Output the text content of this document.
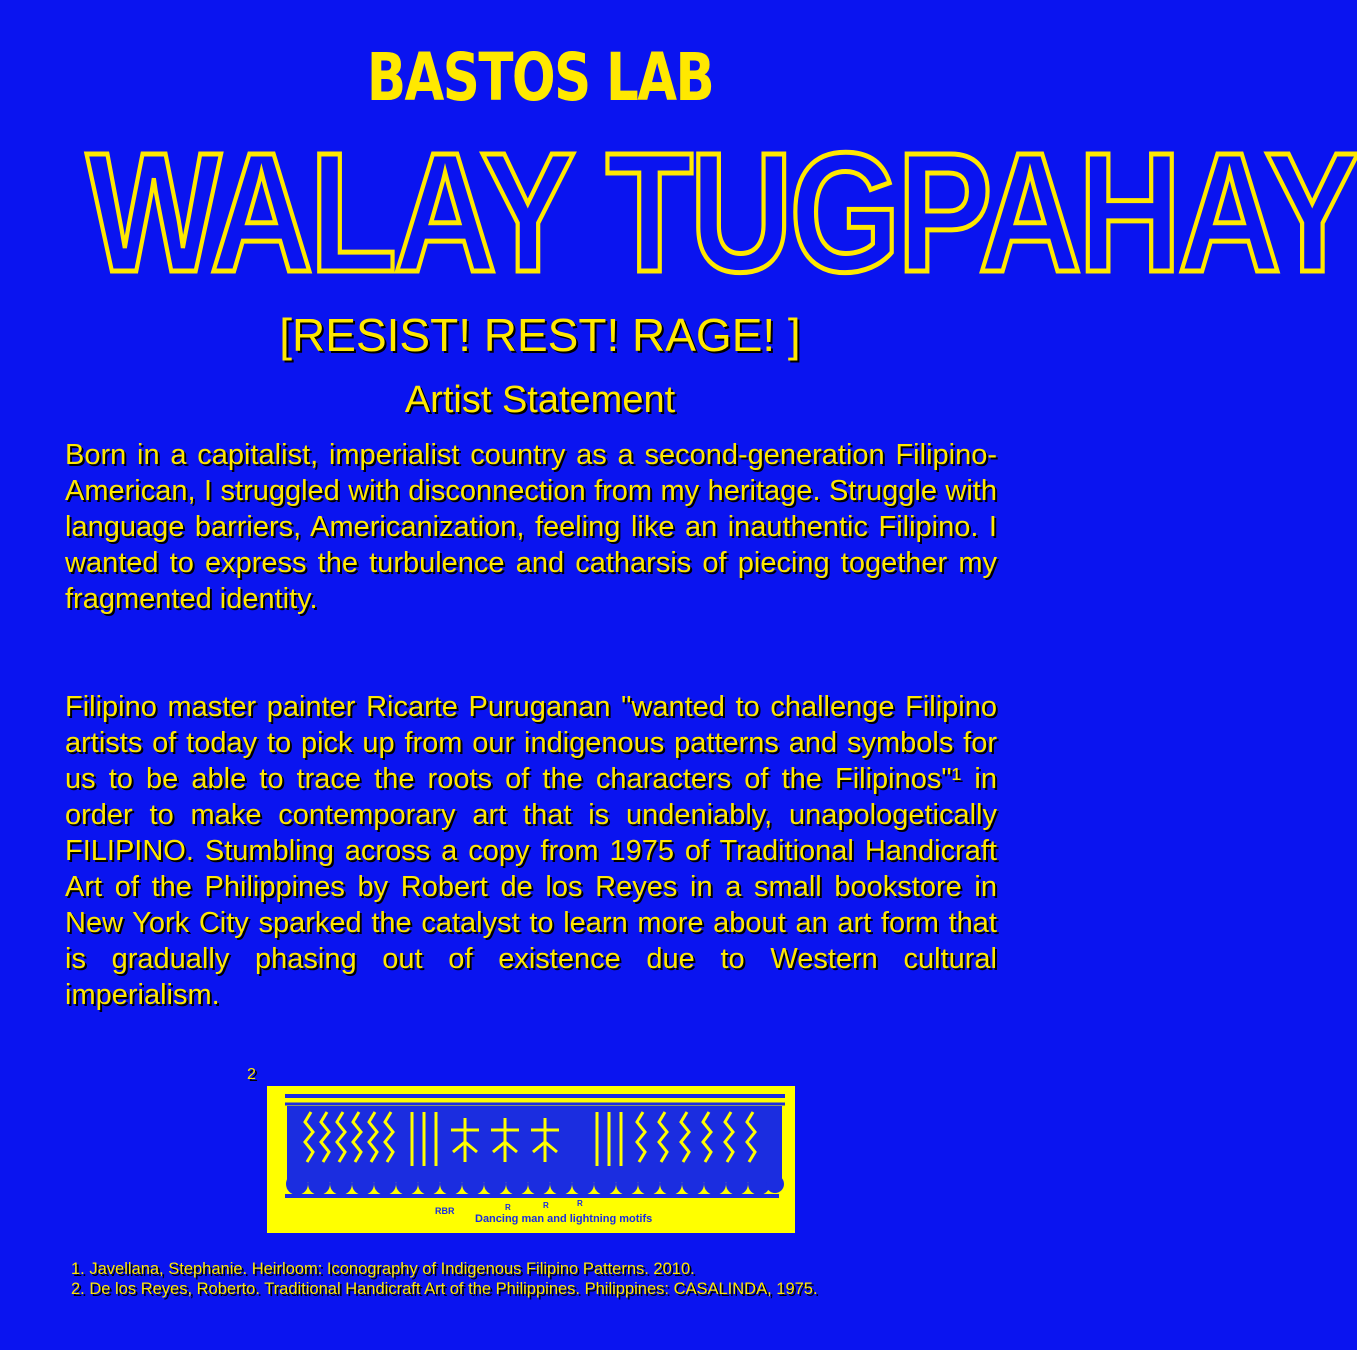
BASTOS LAB
WALAY TUGPAHAY
[RESIST! REST! RAGE! ]
Artist Statement

Born in a capitalist, imperialist country as a second-generation Filipino-American, I struggled with disconnection from my heritage. Struggle with language barriers, Americanization, feeling like an inauthentic Filipino. I wanted to express the turbulence and catharsis of piecing together my fragmented identity.

Filipino master painter Ricarte Puruganan "wanted to challenge Filipino artists of today to pick up from our indigenous patterns and symbols for us to be able to trace the roots of the characters of the Filipinos"¹ in order to make contemporary art that is undeniably, unapologetically FILIPINO. Stumbling across a copy from 1975 of Traditional Handicraft Art of the Philippines by Robert de los Reyes in a small bookstore in New York City sparked the catalyst to learn more about an art form that is gradually phasing out of existence due to Western cultural imperialism.

2
RBR	R	R	R
Dancing man and lightning motifs
1. Javellana, Stephanie. Heirloom: Iconography of Indigenous Filipino Patterns. 2010.
2. De los Reyes, Roberto. Traditional Handicraft Art of the Philippines. Philippines: CASALINDA, 1975.
